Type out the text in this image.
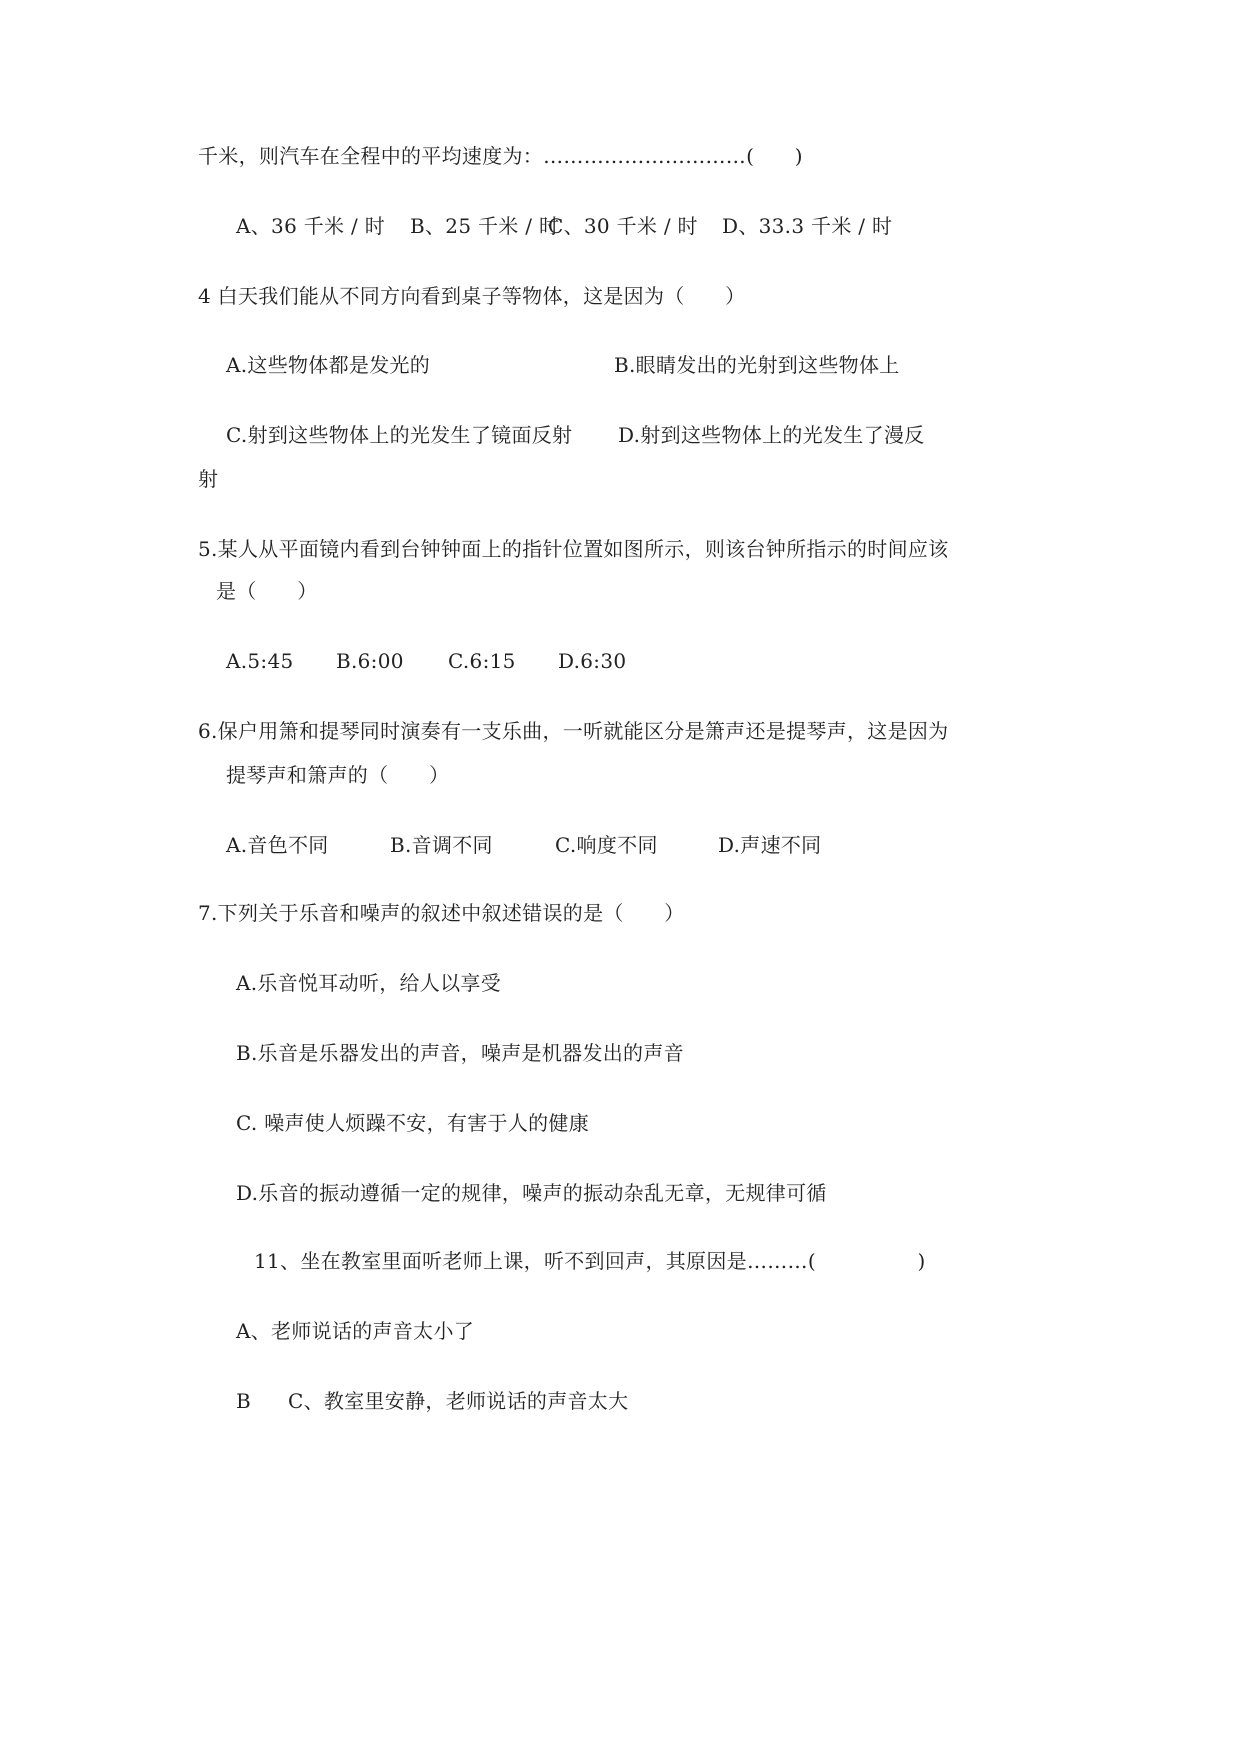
千米，则汽车在全程中的平均速度为：…………………………(　　)
A、36 千米 / 时 B、25 千米 / 时
C、30 千米 / 时 D、33.3 千米 / 时
4 白天我们能从不同方向看到桌子等物体，这是因为（　　）
A.这些物体都是发光的	B.眼睛发出的光射到这些物体上
C.射到这些物体上的光发生了镜面反射 D.射到这些物体上的光发生了漫反
射
5.某人从平面镜内看到台钟钟面上的指针位置如图所示，则该台钟所指示的时间应该
是（　　）
A.5:45 B.6:00 C.6:15 D.6:30
6.保户用箫和提琴同时演奏有一支乐曲，一听就能区分是箫声还是提琴声，这是因为
提琴声和箫声的（　　）
A.音色不同	B.音调不同	C.响度不同	D.声速不同
7.下列关于乐音和噪声的叙述中叙述错误的是（　　）
A.乐音悦耳动听，给人以享受
B.乐音是乐器发出的声音，噪声是机器发出的声音
C. 噪声使人烦躁不安，有害于人的健康
D.乐音的振动遵循一定的规律，噪声的振动杂乱无章，无规律可循
11、坐在教室里面听老师上课，听不到回声，其原因是………(　　　　　)
A、老师说话的声音太小了
B C、教室里安静，老师说话的声音太大
